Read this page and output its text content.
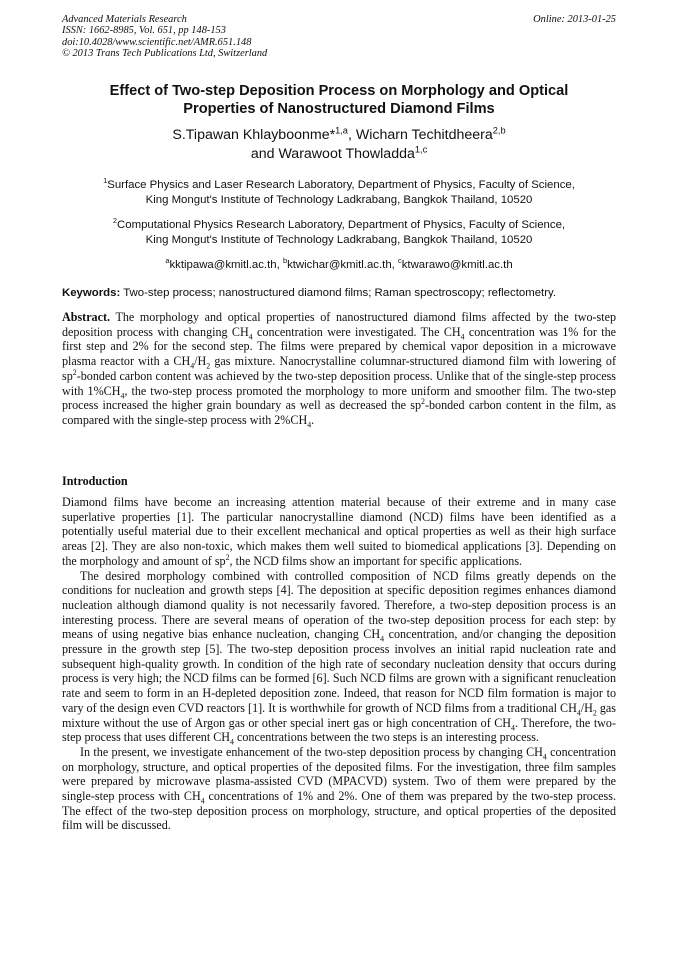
Advanced Materials Research
ISSN: 1662-8985, Vol. 651, pp 148-153
doi:10.4028/www.scientific.net/AMR.651.148
© 2013 Trans Tech Publications Ltd, Switzerland
Online: 2013-01-25
Effect of Two-step Deposition Process on Morphology and Optical
Properties of Nanostructured Diamond Films
S.Tipawan Khlayboonme*$^{1,a}$, Wicharn Techitdheera$^{2,b}$
and Warawoot Thowladda$^{1,c}$
$^1$Surface Physics and Laser Research Laboratory, Department of Physics, Faculty of Science,
King Mongut's Institute of Technology Ladkrabang, Bangkok Thailand, 10520
$^2$Computational Physics Research Laboratory, Department of Physics, Faculty of Science,
King Mongut's Institute of Technology Ladkrabang, Bangkok Thailand, 10520
$^a$kktipawa@kmitl.ac.th, $^b$ktwichar@kmitl.ac.th, $^c$ktwarawo@kmitl.ac.th
Keywords: Two-step process; nanostructured diamond films; Raman spectroscopy; reflectometry.
Abstract. The morphology and optical properties of nanostructured diamond films affected by the two-step deposition process with changing $CH_4$ concentration were investigated. The $CH_4$ concentration was 1% for the first step and 2% for the second step. The films were prepared by chemical vapor deposition in a microwave plasma reactor with a $CH_4/H_2$ gas mixture. Nanocrystalline columnar-structured diamond film with lowering of $sp^2$-bonded carbon content was achieved by the two-step deposition process. Unlike that of the single-step process with $1\%CH_4$, the two-step process promoted the morphology to more uniform and smoother film. The two-step process increased the higher grain boundary as well as decreased the $sp^2$-bonded carbon content in the film, as compared with the single-step process with $2\%CH_4$.
Introduction

Diamond films have become an increasing attention material because of their extreme and in many case superlative properties [1]. The particular nanocrystalline diamond (NCD) films have been identified as a potentially useful material due to their excellent mechanical and optical properties as well as their high surface areas [2]. They are also non-toxic, which makes them well suited to biomedical applications [3]. Depending on the morphology and amount of $sp^2$, the NCD films show an important for specific applications.

The desired morphology combined with controlled composition of NCD films greatly depends on the conditions for nucleation and growth steps [4]. The deposition at specific deposition regimes enhances diamond nucleation although diamond quality is not necessarily favored. Therefore, a two-step deposition process is an interesting process. There are several means of operation of the two-step deposition process for each step: by means of using negative bias enhance nucleation, changing $CH_4$ concentration, and/or changing the deposition pressure in the growth step [5]. The two-step deposition process involves an initial rapid nucleation rate and subsequent high-quality growth. In condition of the high rate of secondary nucleation density that occurs during process is very high; the NCD films can be formed [6]. Such NCD films are grown with a significant renucleation rate and seem to form in an H-depleted deposition zone. Indeed, that reason for NCD film formation is major to vary of the design even CVD reactors [1]. It is worthwhile for growth of NCD films from a traditional $CH_4/H_2$ gas mixture without the use of Argon gas or other special inert gas or high concentration of $CH_4$. Therefore, the two-step process that uses different $CH_4$ concentrations between the two steps is an interesting process.

In the present, we investigate enhancement of the two-step deposition process by changing $CH_4$ concentration on morphology, structure, and optical properties of the deposited films. For the investigation, three film samples were prepared by microwave plasma-assisted CVD (MPACVD) system. Two of them were prepared by the single-step process with $CH_4$ concentrations of 1% and 2%. One of them was prepared by the two-step process. The effect of the two-step deposition process on morphology, structure, and optical properties of the deposited film will be discussed.
